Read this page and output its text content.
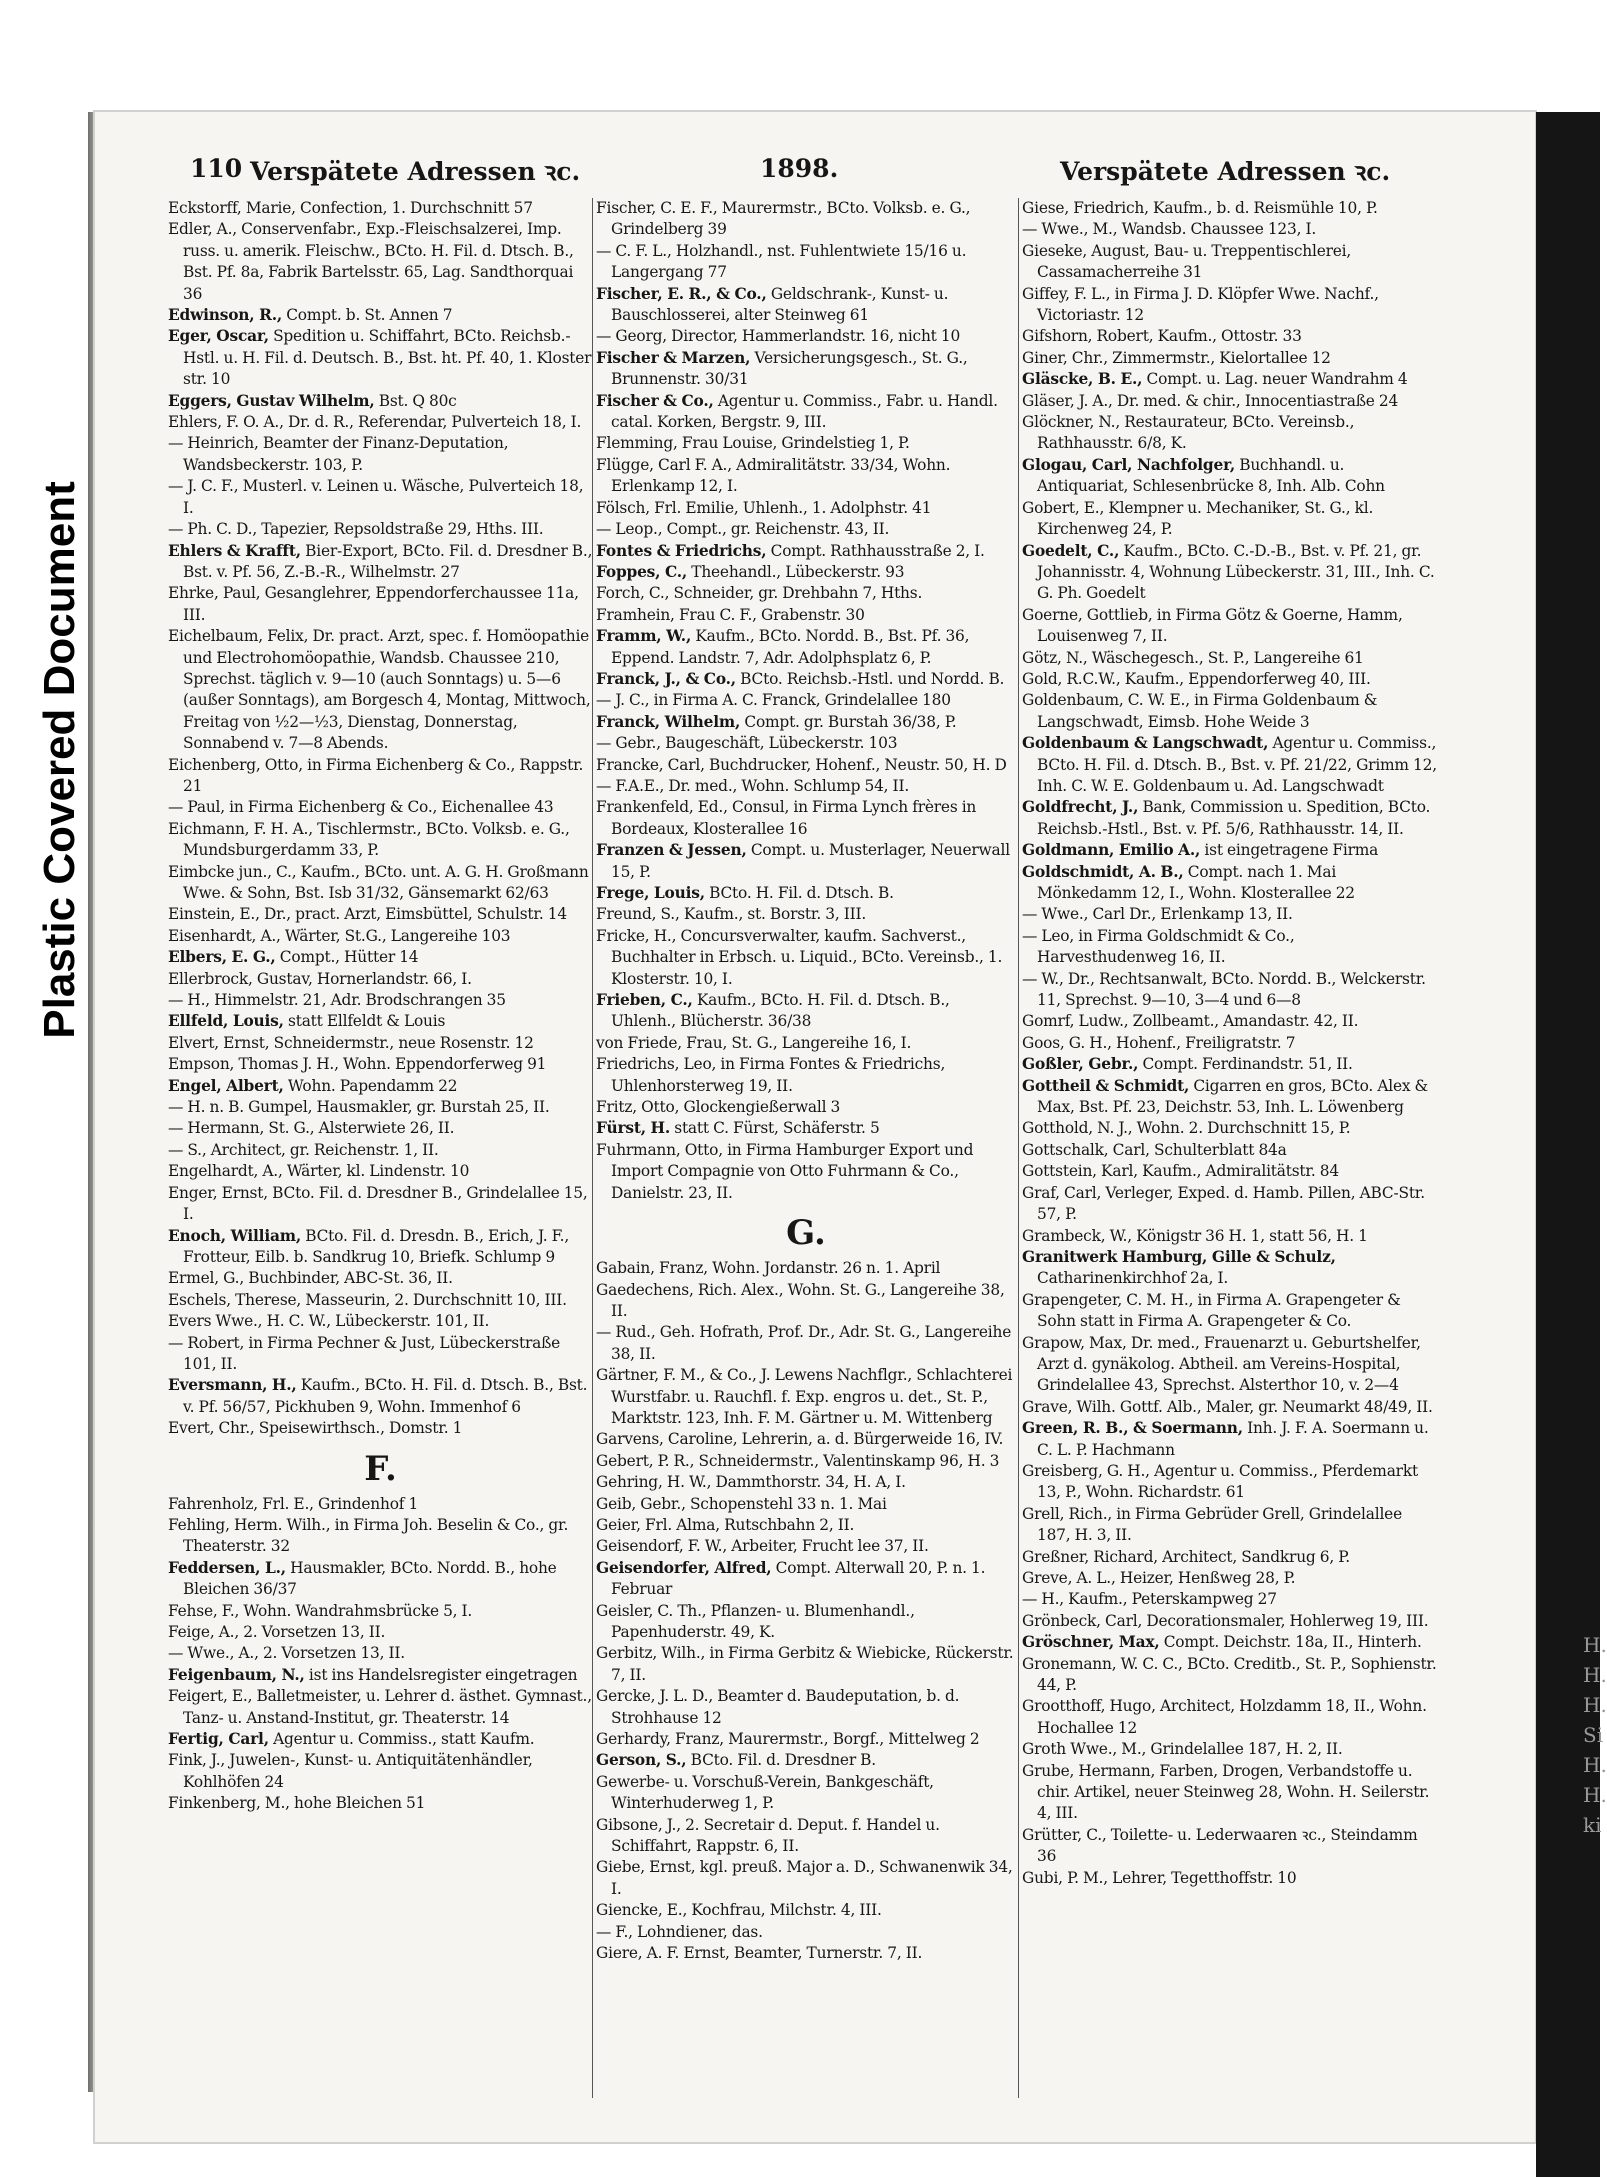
Plastic Covered Document
H. H. H. Si H. H. ki
110 Verspätete Adressen ꝛc.	1898.	Verspätete Adressen ꝛc.
Eckstorff, Marie, Confection, 1. Durchschnitt 57
Edler, A., Conservenfabr., Exp.-Fleischsalzerei, Imp. russ. u. amerik. Fleischw., BCto. H. Fil. d. Dtsch. B., Bst. Pf. 8a, Fabrik Bartelsstr. 65, Lag. Sandthorquai 36
Edwinson, R., Compt. b. St. Annen 7
Eger, Oscar, Spedition u. Schiffahrt, BCto. Reichsb.-Hstl. u. H. Fil. d. Deutsch. B., Bst. ht. Pf. 40, 1. Kloster str. 10
Eggers, Gustav Wilhelm, Bst. Q 80c
Ehlers, F. O. A., Dr. d. R., Referendar, Pulverteich 18, I.
— Heinrich, Beamter der Finanz-Deputation, Wandsbeckerstr. 103, P.
— J. C. F., Musterl. v. Leinen u. Wäsche, Pulverteich 18, I.
— Ph. C. D., Tapezier, Repsoldstraße 29, Hths. III.
Ehlers & Krafft, Bier-Export, BCto. Fil. d. Dresdner B., Bst. v. Pf. 56, Z.-B.-R., Wilhelmstr. 27
Ehrke, Paul, Gesanglehrer, Eppendorferchaussee 11a, III.
Eichelbaum, Felix, Dr. pract. Arzt, spec. f. Homöopathie und Electrohomöopathie, Wandsb. Chaussee 210, Sprechst. täglich v. 9—10 (auch Sonntags) u. 5—6 (außer Sonntags), am Borgesch 4, Montag, Mittwoch, Freitag von ½2—½3, Dienstag, Donnerstag, Sonnabend v. 7—8 Abends.
Eichenberg, Otto, in Firma Eichenberg & Co., Rappstr. 21
— Paul, in Firma Eichenberg & Co., Eichenallee 43
Eichmann, F. H. A., Tischlermstr., BCto. Volksb. e. G., Mundsburgerdamm 33, P.
Eimbcke jun., C., Kaufm., BCto. unt. A. G. H. Großmann Wwe. & Sohn, Bst. Isb 31/32, Gänsemarkt 62/63
Einstein, E., Dr., pract. Arzt, Eimsbüttel, Schulstr. 14
Eisenhardt, A., Wärter, St.G., Langereihe 103
Elbers, E. G., Compt., Hütter 14
Ellerbrock, Gustav, Hornerlandstr. 66, I.
— H., Himmelstr. 21, Adr. Brodschrangen 35
Ellfeld, Louis, statt Ellfeldt & Louis
Elvert, Ernst, Schneidermstr., neue Rosenstr. 12
Empson, Thomas J. H., Wohn. Eppendorferweg 91
Engel, Albert, Wohn. Papendamm 22
— H. n. B. Gumpel, Hausmakler, gr. Burstah 25, II.
— Hermann, St. G., Alsterwiete 26, II.
— S., Architect, gr. Reichenstr. 1, II.
Engelhardt, A., Wärter, kl. Lindenstr. 10
Enger, Ernst, BCto. Fil. d. Dresdner B., Grindelallee 15, I.
Enoch, William, BCto. Fil. d. Dresdn. B., Erich, J. F., Frotteur, Eilb. b. Sandkrug 10, Briefk. Schlump 9
Ermel, G., Buchbinder, ABC-St. 36, II.
Eschels, Therese, Masseurin, 2. Durchschnitt 10, III.
Evers Wwe., H. C. W., Lübeckerstr. 101, II.
— Robert, in Firma Pechner & Just, Lübeckerstraße 101, II.
Eversmann, H., Kaufm., BCto. H. Fil. d. Dtsch. B., Bst. v. Pf. 56/57, Pickhuben 9, Wohn. Immenhof 6
Evert, Chr., Speisewirthsch., Domstr. 1
F.
Fahrenholz, Frl. E., Grindenhof 1
Fehling, Herm. Wilh., in Firma Joh. Beselin & Co., gr. Theaterstr. 32
Feddersen, L., Hausmakler, BCto. Nordd. B., hohe Bleichen 36/37
Fehse, F., Wohn. Wandrahmsbrücke 5, I.
Feige, A., 2. Vorsetzen 13, II.
— Wwe., A., 2. Vorsetzen 13, II.
Feigenbaum, N., ist ins Handelsregister eingetragen
Feigert, E., Balletmeister, u. Lehrer d. ästhet. Gymnast., Tanz- u. Anstand-Institut, gr. Theaterstr. 14
Fertig, Carl, Agentur u. Commiss., statt Kaufm.
Fink, J., Juwelen-, Kunst- u. Antiquitätenhändler, Kohlhöfen 24
Finkenberg, M., hohe Bleichen 51
Fischer, C. E. F., Maurermstr., BCto. Volksb. e. G., Grindelberg 39
— C. F. L., Holzhandl., nst. Fuhlentwiete 15/16 u. Langergang 77
Fischer, E. R., & Co., Geldschrank-, Kunst- u. Bauschlosserei, alter Steinweg 61
— Georg, Director, Hammerlandstr. 16, nicht 10
Fischer & Marzen, Versicherungsgesch., St. G., Brunnenstr. 30/31
Fischer & Co., Agentur u. Commiss., Fabr. u. Handl. catal. Korken, Bergstr. 9, III.
Flemming, Frau Louise, Grindelstieg 1, P.
Flügge, Carl F. A., Admiralitätstr. 33/34, Wohn. Erlenkamp 12, I.
Fölsch, Frl. Emilie, Uhlenh., 1. Adolphstr. 41
— Leop., Compt., gr. Reichenstr. 43, II.
Fontes & Friedrichs, Compt. Rathhausstraße 2, I.
Foppes, C., Theehandl., Lübeckerstr. 93
Forch, C., Schneider, gr. Drehbahn 7, Hths.
Framhein, Frau C. F., Grabenstr. 30
Framm, W., Kaufm., BCto. Nordd. B., Bst. Pf. 36, Eppend. Landstr. 7, Adr. Adolphsplatz 6, P.
Franck, J., & Co., BCto. Reichsb.-Hstl. und Nordd. B.
— J. C., in Firma A. C. Franck, Grindelallee 180
Franck, Wilhelm, Compt. gr. Burstah 36/38, P.
— Gebr., Baugeschäft, Lübeckerstr. 103
Francke, Carl, Buchdrucker, Hohenf., Neustr. 50, H. D
— F.A.E., Dr. med., Wohn. Schlump 54, II.
Frankenfeld, Ed., Consul, in Firma Lynch frères in Bordeaux, Klosterallee 16
Franzen & Jessen, Compt. u. Musterlager, Neuerwall 15, P.
Frege, Louis, BCto. H. Fil. d. Dtsch. B.
Freund, S., Kaufm., st. Borstr. 3, III.
Fricke, H., Concursverwalter, kaufm. Sachverst., Buchhalter in Erbsch. u. Liquid., BCto. Vereinsb., 1. Klosterstr. 10, I.
Frieben, C., Kaufm., BCto. H. Fil. d. Dtsch. B., Uhlenh., Blücherstr. 36/38
von Friede, Frau, St. G., Langereihe 16, I.
Friedrichs, Leo, in Firma Fontes & Friedrichs, Uhlenhorsterweg 19, II.
Fritz, Otto, Glockengießerwall 3
Fürst, H. statt C. Fürst, Schäferstr. 5
Fuhrmann, Otto, in Firma Hamburger Export und Import Compagnie von Otto Fuhrmann & Co., Danielstr. 23, II.
G.
Gabain, Franz, Wohn. Jordanstr. 26 n. 1. April
Gaedechens, Rich. Alex., Wohn. St. G., Langereihe 38, II.
— Rud., Geh. Hofrath, Prof. Dr., Adr. St. G., Langereihe 38, II.
Gärtner, F. M., & Co., J. Lewens Nachflgr., Schlachterei Wurstfabr. u. Rauchfl. f. Exp. engros u. det., St. P., Marktstr. 123, Inh. F. M. Gärtner u. M. Wittenberg
Garvens, Caroline, Lehrerin, a. d. Bürgerweide 16, IV.
Gebert, P. R., Schneidermstr., Valentinskamp 96, H. 3
Gehring, H. W., Dammthorstr. 34, H. A, I.
Geib, Gebr., Schopenstehl 33 n. 1. Mai
Geier, Frl. Alma, Rutschbahn 2, II.
Geisendorf, F. W., Arbeiter, Frucht lee 37, II.
Geisendorfer, Alfred, Compt. Alterwall 20, P. n. 1. Februar
Geisler, C. Th., Pflanzen- u. Blumenhandl., Papenhuderstr. 49, K.
Gerbitz, Wilh., in Firma Gerbitz & Wiebicke, Rückerstr. 7, II.
Gercke, J. L. D., Beamter d. Baudeputation, b. d. Strohhause 12
Gerhardy, Franz, Maurermstr., Borgf., Mittelweg 2
Gerson, S., BCto. Fil. d. Dresdner B.
Gewerbe- u. Vorschuß-Verein, Bankgeschäft, Winterhuderweg 1, P.
Gibsone, J., 2. Secretair d. Deput. f. Handel u. Schiffahrt, Rappstr. 6, II.
Giebe, Ernst, kgl. preuß. Major a. D., Schwanenwik 34, I.
Giencke, E., Kochfrau, Milchstr. 4, III.
— F., Lohndiener, das.
Giere, A. F. Ernst, Beamter, Turnerstr. 7, II.
Giese, Friedrich, Kaufm., b. d. Reismühle 10, P.
— Wwe., M., Wandsb. Chaussee 123, I.
Gieseke, August, Bau- u. Treppentischlerei, Cassamacherreihe 31
Giffey, F. L., in Firma J. D. Klöpfer Wwe. Nachf., Victoriastr. 12
Gifshorn, Robert, Kaufm., Ottostr. 33
Giner, Chr., Zimmermstr., Kielortallee 12
Gläscke, B. E., Compt. u. Lag. neuer Wandrahm 4
Gläser, J. A., Dr. med. & chir., Innocentiastraße 24
Glöckner, N., Restaurateur, BCto. Vereinsb., Rathhausstr. 6/8, K.
Glogau, Carl, Nachfolger, Buchhandl. u. Antiquariat, Schlesenbrücke 8, Inh. Alb. Cohn
Gobert, E., Klempner u. Mechaniker, St. G., kl. Kirchenweg 24, P.
Goedelt, C., Kaufm., BCto. C.-D.-B., Bst. v. Pf. 21, gr. Johannisstr. 4, Wohnung Lübeckerstr. 31, III., Inh. C. G. Ph. Goedelt
Goerne, Gottlieb, in Firma Götz & Goerne, Hamm, Louisenweg 7, II.
Götz, N., Wäschegesch., St. P., Langereihe 61
Gold, R.C.W., Kaufm., Eppendorferweg 40, III.
Goldenbaum, C. W. E., in Firma Goldenbaum & Langschwadt, Eimsb. Hohe Weide 3
Goldenbaum & Langschwadt, Agentur u. Commiss., BCto. H. Fil. d. Dtsch. B., Bst. v. Pf. 21/22, Grimm 12, Inh. C. W. E. Goldenbaum u. Ad. Langschwadt
Goldfrecht, J., Bank, Commission u. Spedition, BCto. Reichsb.-Hstl., Bst. v. Pf. 5/6, Rathhausstr. 14, II.
Goldmann, Emilio A., ist eingetragene Firma
Goldschmidt, A. B., Compt. nach 1. Mai Mönkedamm 12, I., Wohn. Klosterallee 22
— Wwe., Carl Dr., Erlenkamp 13, II.
— Leo, in Firma Goldschmidt & Co., Harvesthudenweg 16, II.
— W., Dr., Rechtsanwalt, BCto. Nordd. B., Welckerstr. 11, Sprechst. 9—10, 3—4 und 6—8
Gomrf, Ludw., Zollbeamt., Amandastr. 42, II.
Goos, G. H., Hohenf., Freiligratstr. 7
Goßler, Gebr., Compt. Ferdinandstr. 51, II.
Gottheil & Schmidt, Cigarren en gros, BCto. Alex & Max, Bst. Pf. 23, Deichstr. 53, Inh. L. Löwenberg
Gotthold, N. J., Wohn. 2. Durchschnitt 15, P.
Gottschalk, Carl, Schulterblatt 84a
Gottstein, Karl, Kaufm., Admiralitätstr. 84
Graf, Carl, Verleger, Exped. d. Hamb. Pillen, ABC-Str. 57, P.
Grambeck, W., Königstr 36 H. 1, statt 56, H. 1
Granitwerk Hamburg, Gille & Schulz, Catharinenkirchhof 2a, I.
Grapengeter, C. M. H., in Firma A. Grapengeter & Sohn statt in Firma A. Grapengeter & Co.
Grapow, Max, Dr. med., Frauenarzt u. Geburtshelfer, Arzt d. gynäkolog. Abtheil. am Vereins-Hospital, Grindelallee 43, Sprechst. Alsterthor 10, v. 2—4
Grave, Wilh. Gottf. Alb., Maler, gr. Neumarkt 48/49, II.
Green, R. B., & Soermann, Inh. J. F. A. Soermann u. C. L. P. Hachmann
Greisberg, G. H., Agentur u. Commiss., Pferdemarkt 13, P., Wohn. Richardstr. 61
Grell, Rich., in Firma Gebrüder Grell, Grindelallee 187, H. 3, II.
Greßner, Richard, Architect, Sandkrug 6, P.
Greve, A. L., Heizer, Henßweg 28, P.
— H., Kaufm., Peterskampweg 27
Grönbeck, Carl, Decorationsmaler, Hohlerweg 19, III.
Gröschner, Max, Compt. Deichstr. 18a, II., Hinterh.
Gronemann, W. C. C., BCto. Creditb., St. P., Sophienstr. 44, P.
Grootthoff, Hugo, Architect, Holzdamm 18, II., Wohn. Hochallee 12
Groth Wwe., M., Grindelallee 187, H. 2, II.
Grube, Hermann, Farben, Drogen, Verbandstoffe u. chir. Artikel, neuer Steinweg 28, Wohn. H. Seilerstr. 4, III.
Grütter, C., Toilette- u. Lederwaaren ꝛc., Steindamm 36
Gubi, P. M., Lehrer, Tegetthoffstr. 10
